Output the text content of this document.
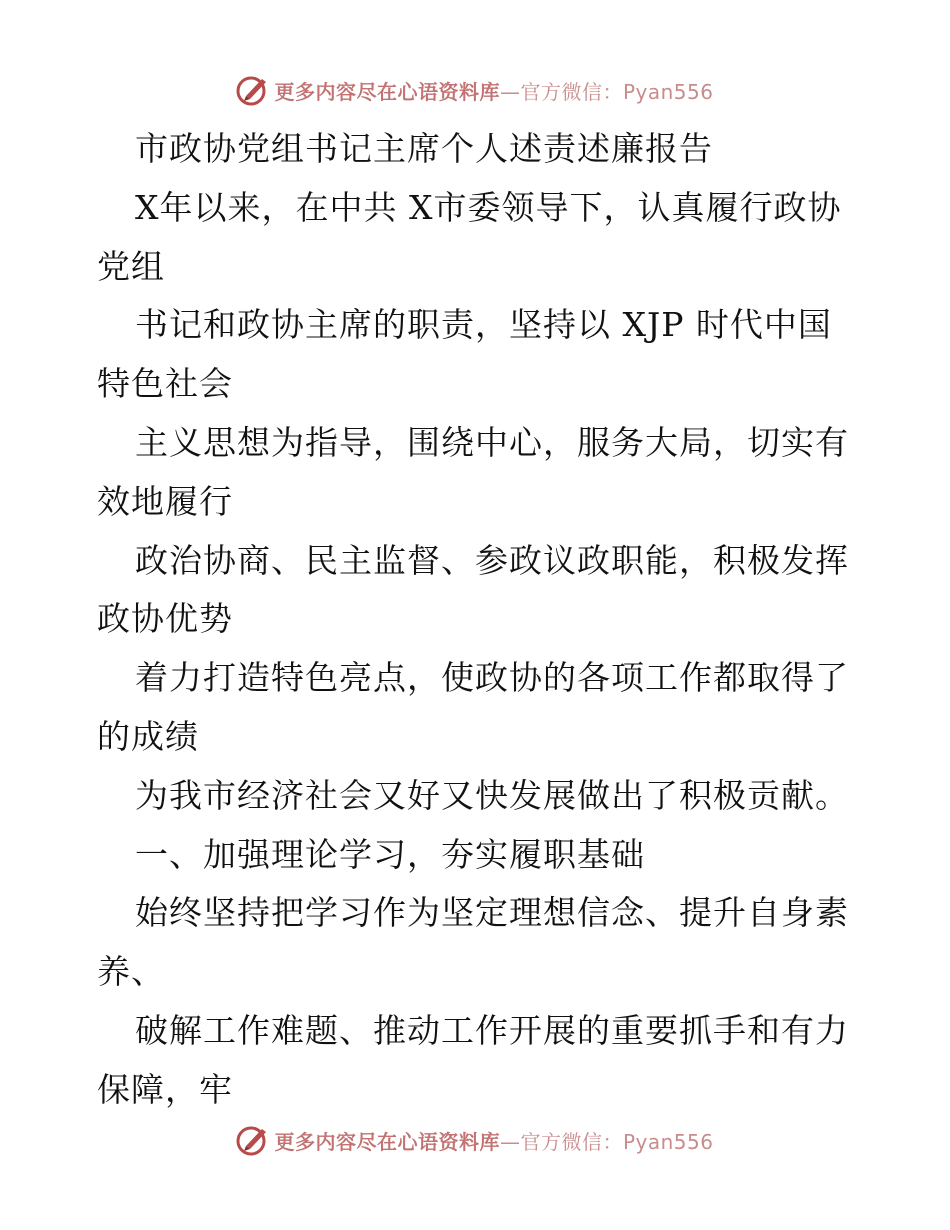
更多内容尽在心语资料库—官方微信：Pyan556
市政协党组书记主席个人述责述廉报告
X年以来，在中共 X市委领导下，认真履行政协
党组
书记和政协主席的职责，坚持以 XJP 时代中国
特色社会
主义思想为指导，围绕中心，服务大局，切实有
效地履行
政治协商、民主监督、参政议政职能，积极发挥
政协优势
着力打造特色亮点，使政协的各项工作都取得了
的成绩
为我市经济社会又好又快发展做出了积极贡献。
一、加强理论学习，夯实履职基础
始终坚持把学习作为坚定理想信念、提升自身素
养、
破解工作难题、推动工作开展的重要抓手和有力
保障，牢
更多内容尽在心语资料库—官方微信：Pyan556
